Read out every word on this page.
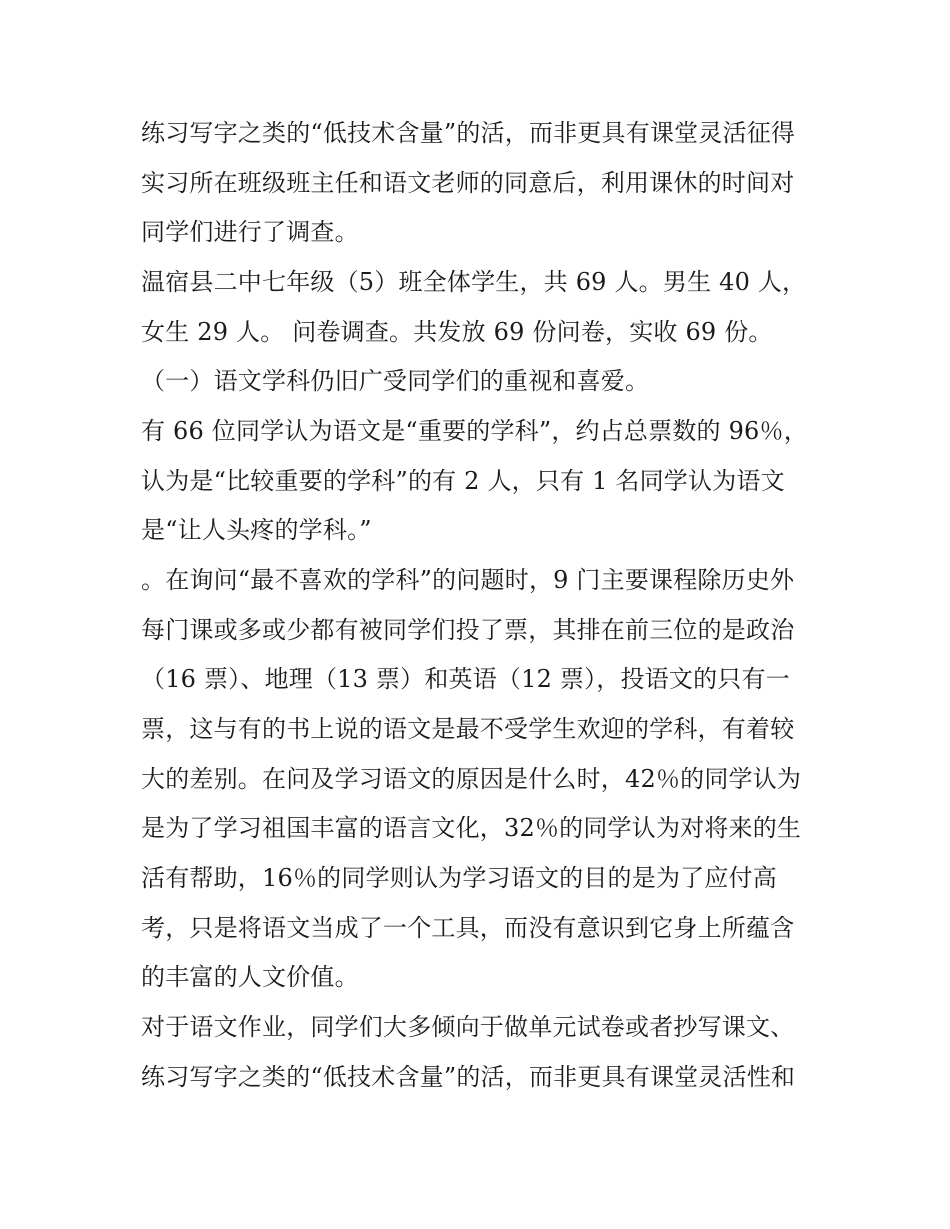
练习写字之类的“低技术含量”的活，而非更具有课堂灵活征得
实习所在班级班主任和语文老师的同意后，利用课休的时间对
同学们进行了调查。
温宿县二中七年级（5）班全体学生，共 69 人。男生 40 人，
女生 29 人。 问卷调查。共发放 69 份问卷，实收 69 份。
（一）语文学科仍旧广受同学们的重视和喜爱。
有 66 位同学认为语文是“重要的学科”，约占总票数的 96％，
认为是“比较重要的学科”的有 2 人，只有 1 名同学认为语文
是“让人头疼的学科。”
。在询问“最不喜欢的学科”的问题时，9 门主要课程除历史外
每门课或多或少都有被同学们投了票，其排在前三位的是政治
（16 票）、地理（13 票）和英语（12 票），投语文的只有一
票，这与有的书上说的语文是最不受学生欢迎的学科，有着较
大的差别。在问及学习语文的原因是什么时，42％的同学认为
是为了学习祖国丰富的语言文化，32％的同学认为对将来的生
活有帮助，16％的同学则认为学习语文的目的是为了应付高
考，只是将语文当成了一个工具，而没有意识到它身上所蕴含
的丰富的人文价值。
对于语文作业，同学们大多倾向于做单元试卷或者抄写课文、
练习写字之类的“低技术含量”的活，而非更具有课堂灵活性和
